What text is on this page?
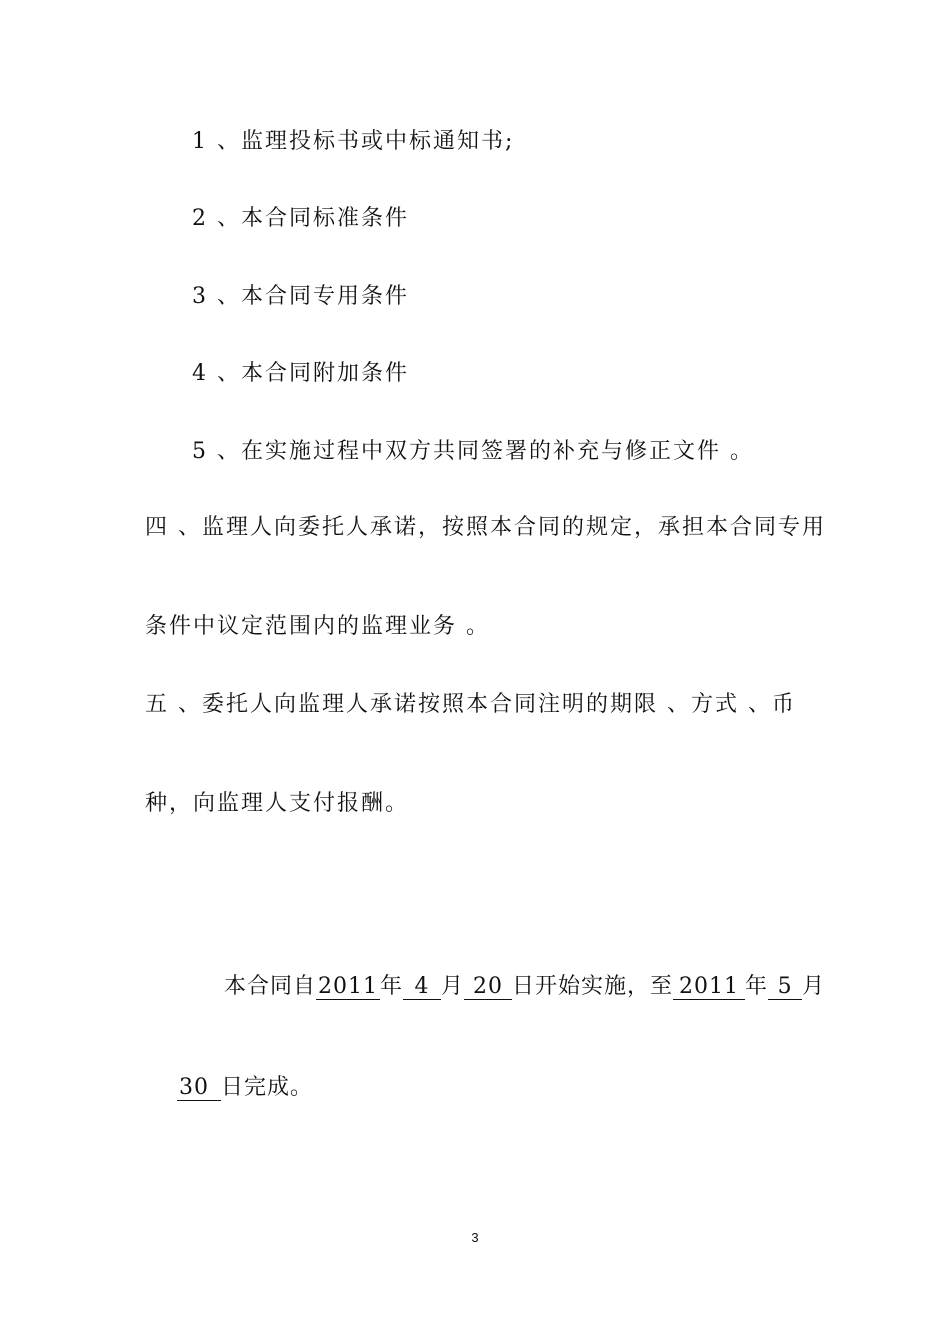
1 、监理投标书或中标通知书;
2 、本合同标准条件
3 、本合同专用条件
4 、本合同附加条件
5 、在实施过程中双方共同签署的补充与修正文件 。
四 、监理人向委托人承诺，按照本合同的规定，承担本合同专用
条件中议定范围内的监理业务 。
五 、委托人向监理人承诺按照本合同注明的期限 、方式 、币
种，向监理人支付报酬。

本合同自2011年 4 月 20 日开始实施，至 2011 年 5 月

30 日完成。

3
